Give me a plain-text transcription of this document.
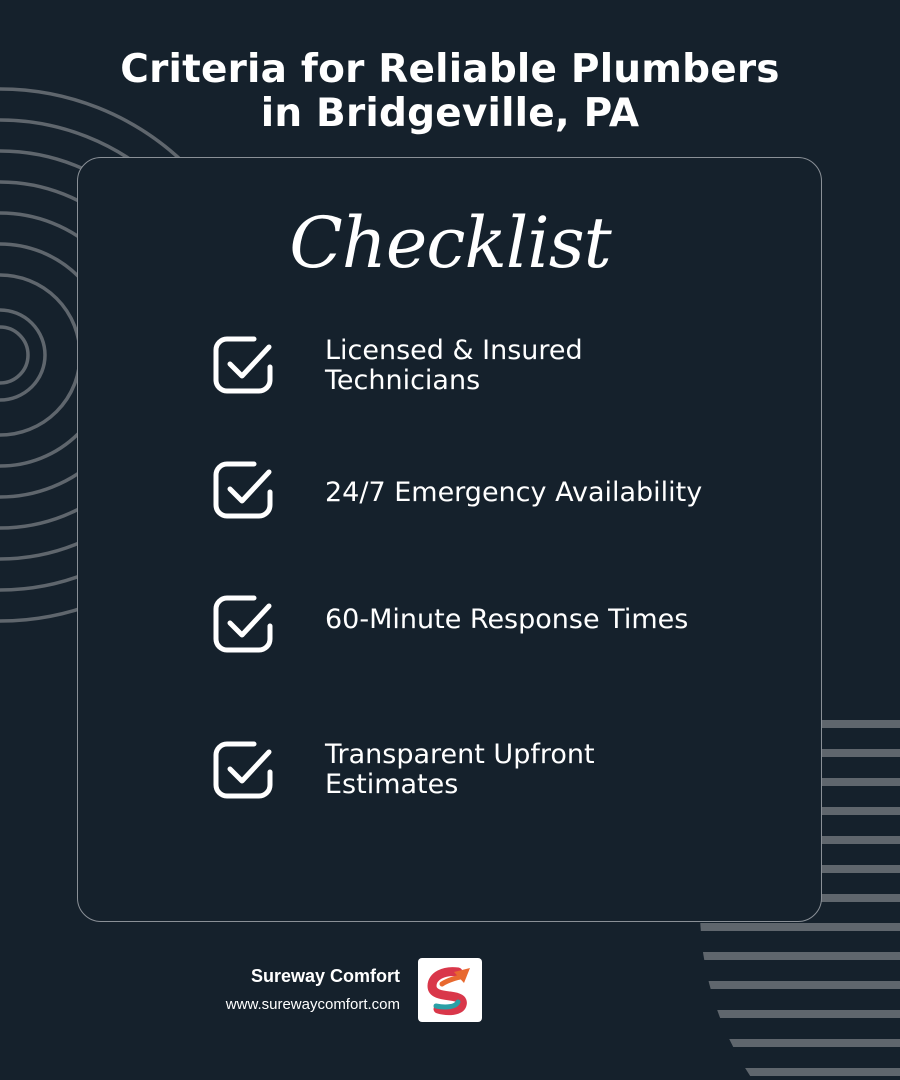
Criteria for Reliable Plumbers
in Bridgeville, PA
Checklist
Licensed & Insured
Technicians
24/7 Emergency Availability
60-Minute Response Times
Transparent Upfront
Estimates
Sureway Comfort
www.surewaycomfort.com
